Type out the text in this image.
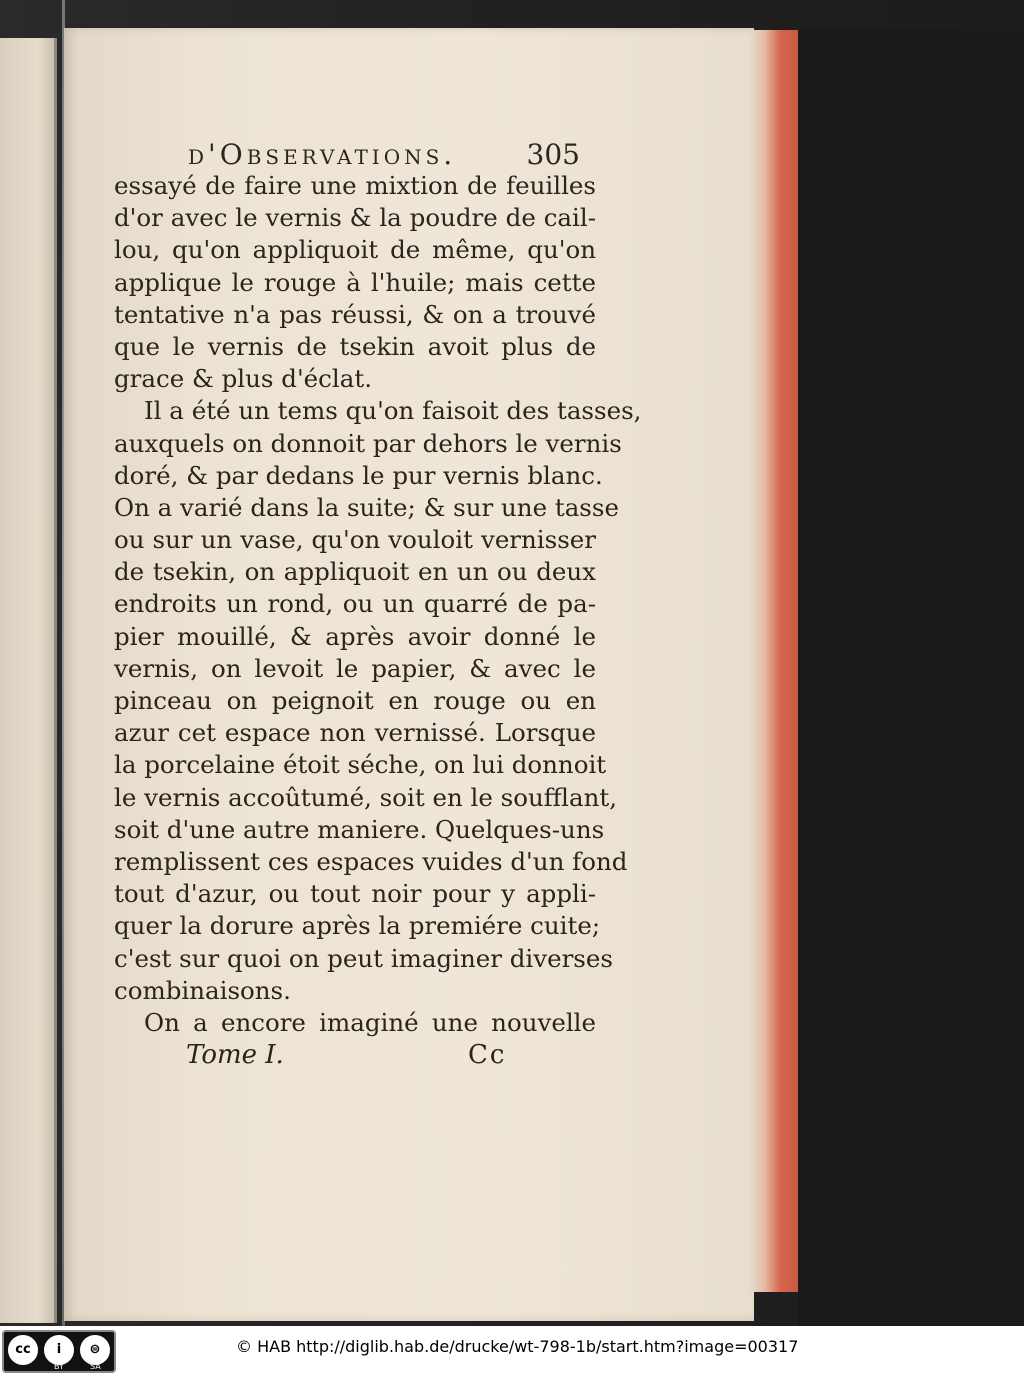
d'Observations.	305
essayé de faire une mixtion de feuilles
d'or avec le vernis & la poudre de cail-
lou, qu'on appliquoit de même, qu'on
applique le rouge à l'huile; mais cette
tentative n'a pas réussi, & on a trouvé
que le vernis de tsekin avoit plus de
grace & plus d'éclat.
Il a été un tems qu'on faisoit des tasses,
auxquels on donnoit par dehors le vernis
doré, & par dedans le pur vernis blanc.
On a varié dans la suite; & sur une tasse
ou sur un vase, qu'on vouloit vernisser
de tsekin, on appliquoit en un ou deux
endroits un rond, ou un quarré de pa-
pier mouillé, & après avoir donné le
vernis, on levoit le papier, & avec le
pinceau on peignoit en rouge ou en
azur cet espace non vernissé. Lorsque
la porcelaine étoit séche, on lui donnoit
le vernis accoûtumé, soit en le soufflant,
soit d'une autre maniere. Quelques-uns
remplissent ces espaces vuides d'un fond
tout d'azur, ou tout noir pour y appli-
quer la dorure après la premiére cuite;
c'est sur quoi on peut imaginer diverses
combinaisons.
On a encore imaginé une nouvelle
Tome I.	Cc
cc	i	⊜
BY	SA
© HAB http://diglib.hab.de/drucke/wt-798-1b/start.htm?image=00317
